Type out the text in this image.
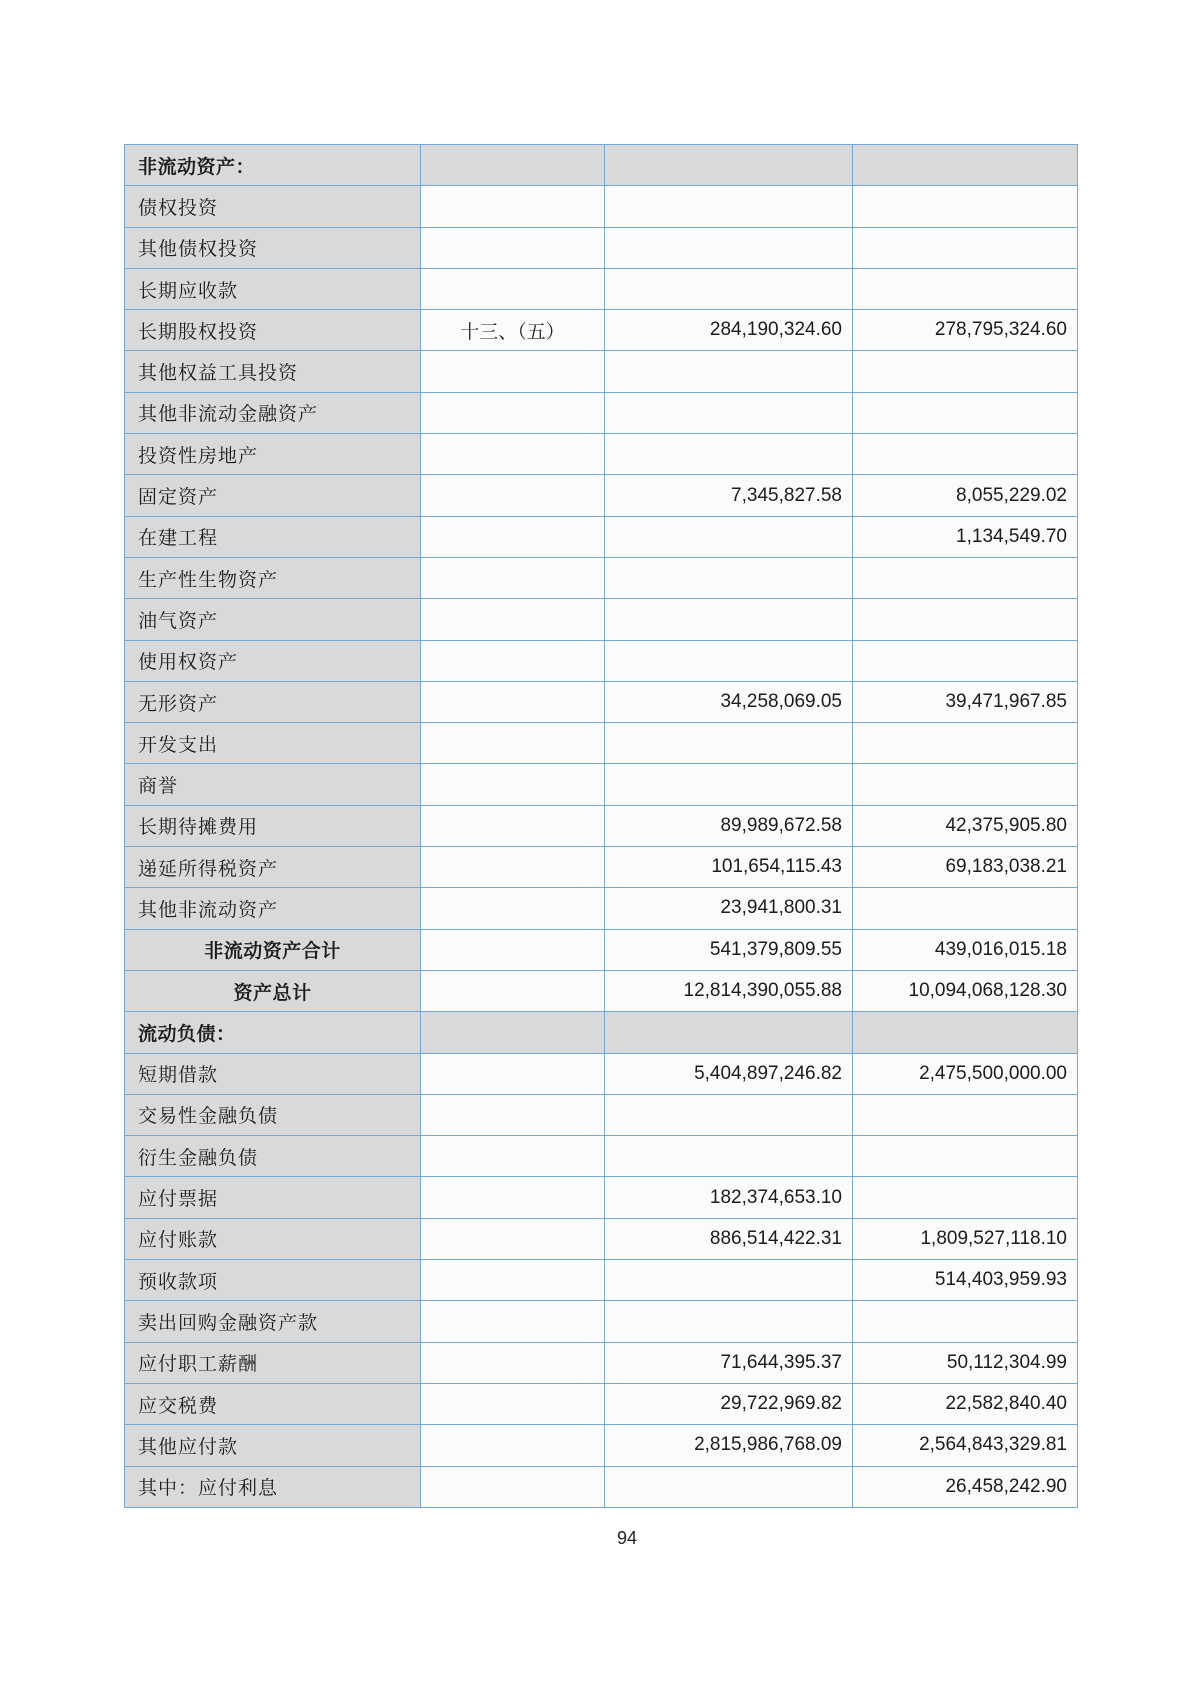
非流动资产：			
债权投资			
其他债权投资			
长期应收款			
长期股权投资	十三、（五）	284,190,324.60	278,795,324.60
其他权益工具投资			
其他非流动金融资产			
投资性房地产			
固定资产		7,345,827.58	8,055,229.02
在建工程			1,134,549.70
生产性生物资产			
油气资产			
使用权资产			
无形资产		34,258,069.05	39,471,967.85
开发支出			
商誉			
长期待摊费用		89,989,672.58	42,375,905.80
递延所得税资产		101,654,115.43	69,183,038.21
其他非流动资产		23,941,800.31	
非流动资产合计		541,379,809.55	439,016,015.18
资产总计		12,814,390,055.88	10,094,068,128.30
流动负债：			
短期借款		5,404,897,246.82	2,475,500,000.00
交易性金融负债			
衍生金融负债			
应付票据		182,374,653.10	
应付账款		886,514,422.31	1,809,527,118.10
预收款项			514,403,959.93
卖出回购金融资产款			
应付职工薪酬		71,644,395.37	50,112,304.99
应交税费		29,722,969.82	22,582,840.40
其他应付款		2,815,986,768.09	2,564,843,329.81
其中：应付利息			26,458,242.90
94
